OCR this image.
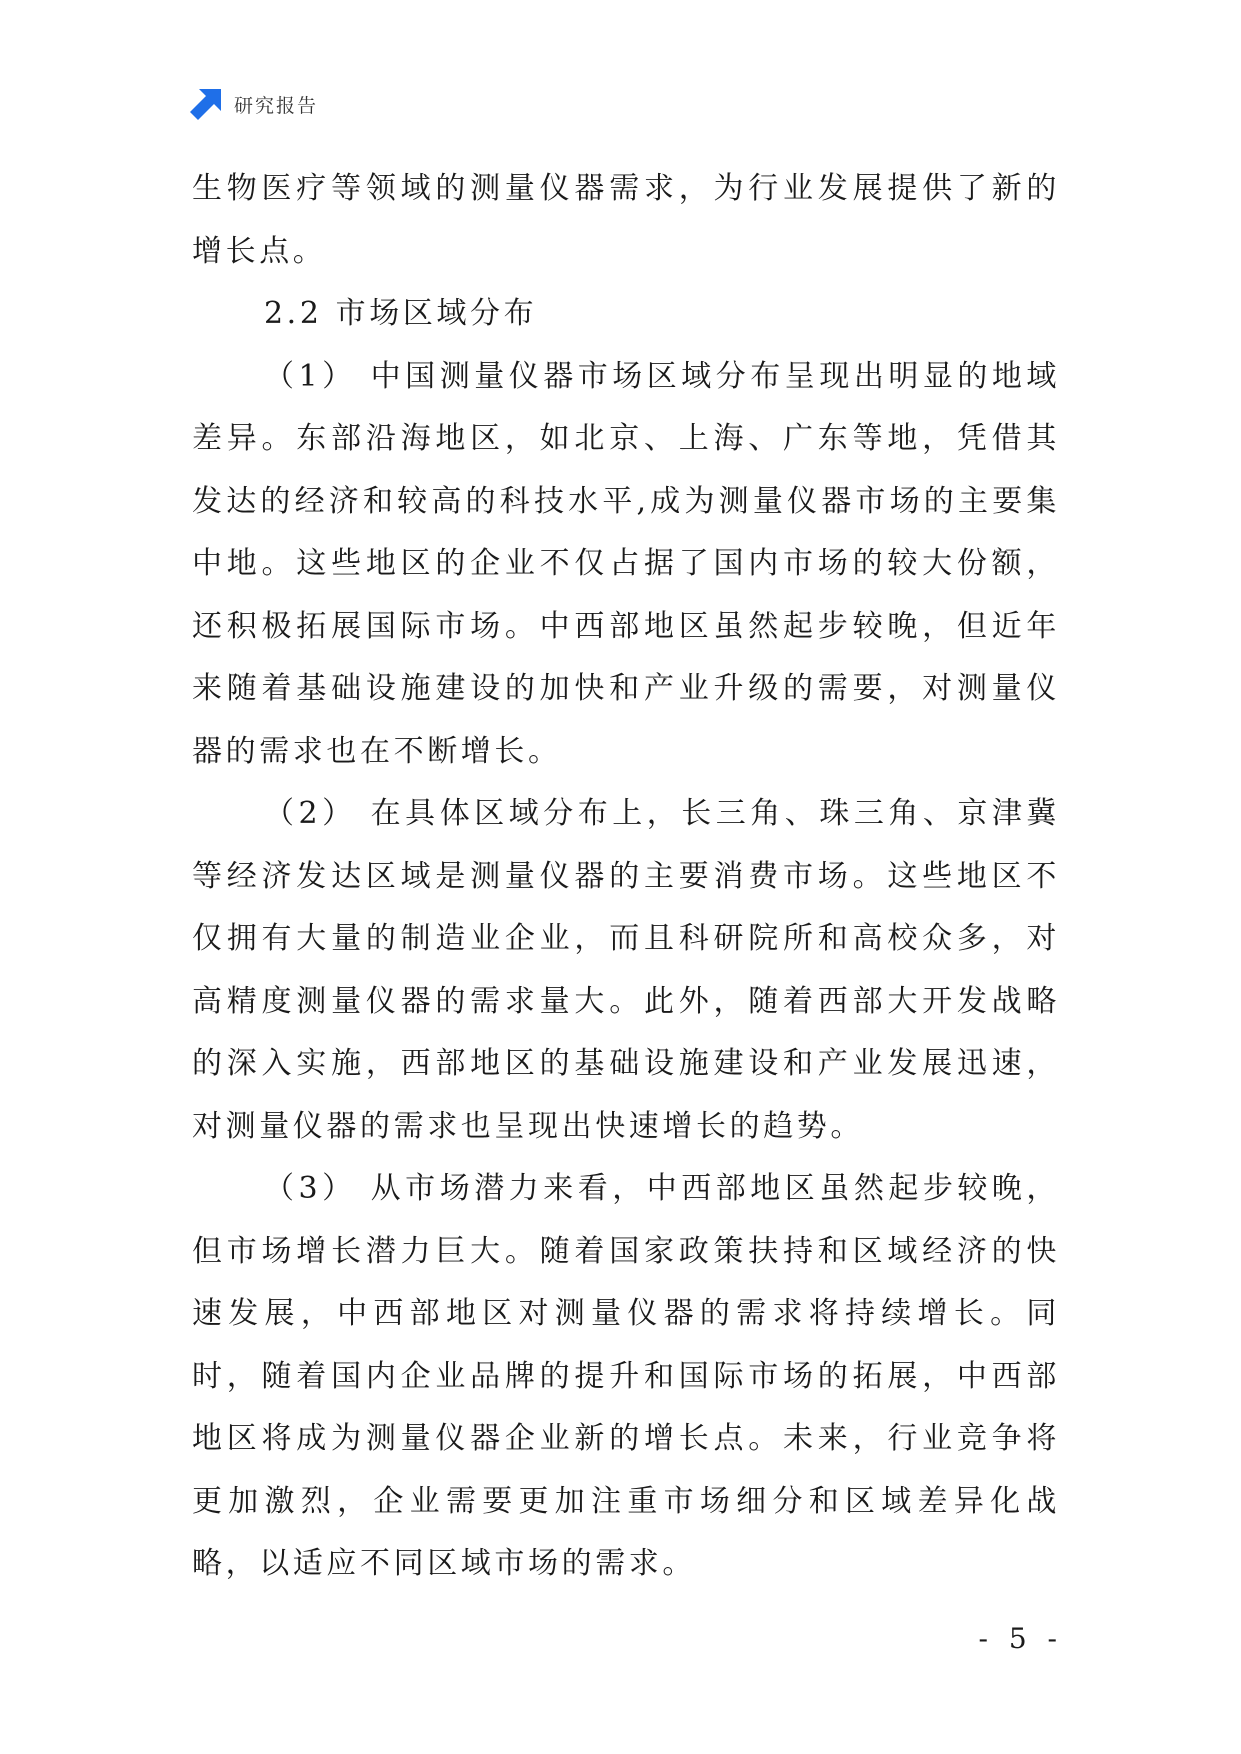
研究报告

生物医疗等领域的测量仪器需求，为行业发展提供了新的增长点。

2.2 市场区域分布

（1） 中国测量仪器市场区域分布呈现出明显的地域差异。东部沿海地区，如北京、上海、广东等地，凭借其发达的经济和较高的科技水平,成为测量仪器市场的主要集中地。这些地区的企业不仅占据了国内市场的较大份额，还积极拓展国际市场。中西部地区虽然起步较晚，但近年来随着基础设施建设的加快和产业升级的需要，对测量仪器的需求也在不断增长。

（2） 在具体区域分布上，长三角、珠三角、京津冀等经济发达区域是测量仪器的主要消费市场。这些地区不仅拥有大量的制造业企业，而且科研院所和高校众多，对高精度测量仪器的需求量大。此外，随着西部大开发战略的深入实施，西部地区的基础设施建设和产业发展迅速，对测量仪器的需求也呈现出快速增长的趋势。

（3） 从市场潜力来看，中西部地区虽然起步较晚，但市场增长潜力巨大。随着国家政策扶持和区域经济的快速发展，中西部地区对测量仪器的需求将持续增长。同时，随着国内企业品牌的提升和国际市场的拓展，中西部地区将成为测量仪器企业新的增长点。未来，行业竞争将更加激烈，企业需要更加注重市场细分和区域差异化战略，以适应不同区域市场的需求。

- 5 -
